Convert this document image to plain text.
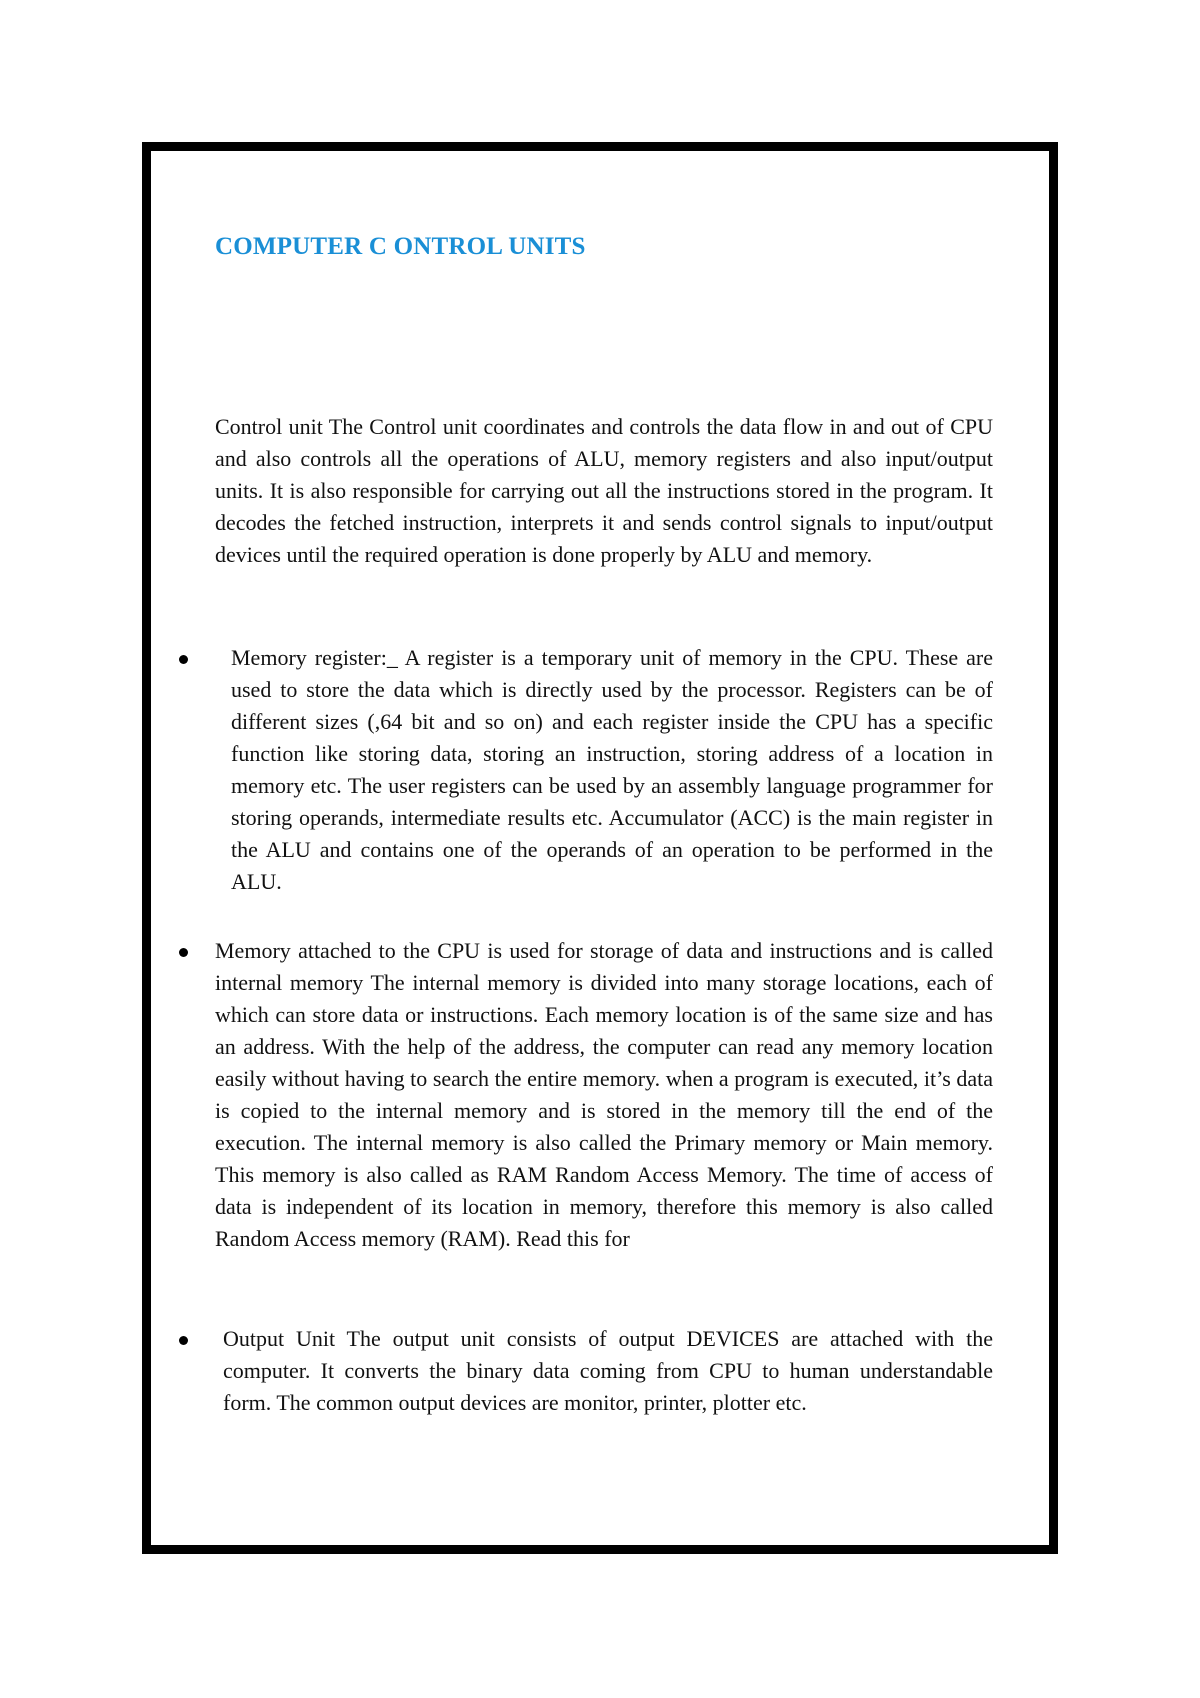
COMPUTER C ONTROL UNITS

Control unit The Control unit coordinates and controls the data flow in and out of CPU and also controls all the operations of ALU, memory registers and also input/output units. It is also responsible for carrying out all the instructions stored in the program. It decodes the fetched instruction, interprets it and sends control signals to input/output devices until the required operation is done properly by ALU and memory.

Memory register:_ A register is a temporary unit of memory in the CPU. These are used to store the data which is directly used by the processor. Registers can be of different sizes (,64 bit and so on) and each register inside the CPU has a specific function like storing data, storing an instruction, storing address of a location in memory etc. The user registers can be used by an assembly language programmer for storing operands, intermediate results etc. Accumulator (ACC) is the main register in the ALU and contains one of the operands of an operation to be performed in the ALU.

Memory attached to the CPU is used for storage of data and instructions and is called internal memory The internal memory is divided into many storage locations, each of which can store data or instructions. Each memory location is of the same size and has an address. With the help of the address, the computer can read any memory location easily without having to search the entire memory. when a program is executed, it’s data is copied to the internal memory and is stored in the memory till the end of the execution. The internal memory is also called the Primary memory or Main memory. This memory is also called as RAM Random Access Memory. The time of access of data is independent of its location in memory, therefore this memory is also called Random Access memory (RAM). Read this for

Output Unit The output unit consists of output DEVICES are attached with the computer. It converts the binary data coming from CPU to human understandable form. The common output devices are monitor, printer, plotter etc.
